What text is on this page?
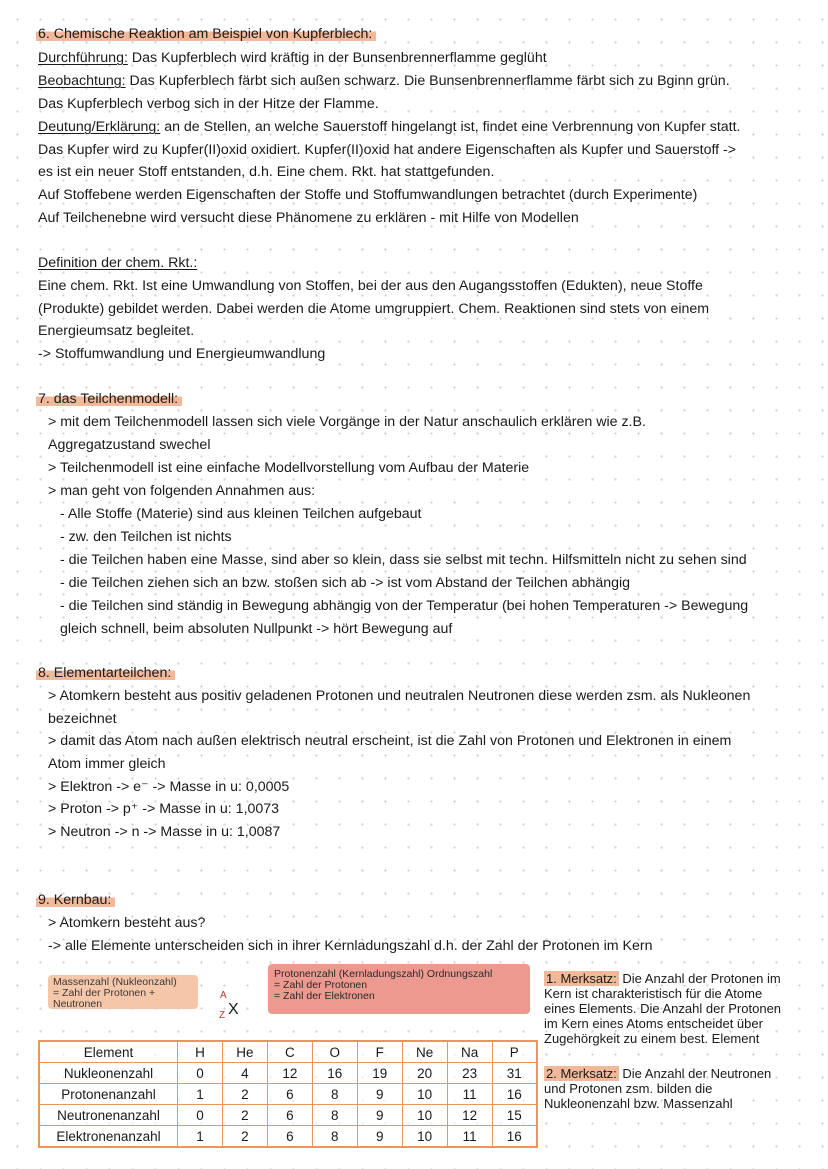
6. Chemische Reaktion am Beispiel von Kupferblech:
Durchführung: Das Kupferblech wird kräftig in der Bunsenbrennerflamme geglüht
Beobachtung: Das Kupferblech färbt sich außen schwarz. Die Bunsenbrennerflamme färbt sich zu Bginn grün.
Das Kupferblech verbog sich in der Hitze der Flamme.
Deutung/Erklärung: an de Stellen, an welche Sauerstoff hingelangt ist, findet eine Verbrennung von Kupfer statt.
Das Kupfer wird zu Kupfer(II)oxid oxidiert. Kupfer(II)oxid hat andere Eigenschaften als Kupfer und Sauerstoff ->
es ist ein neuer Stoff entstanden, d.h. Eine chem. Rkt. hat stattgefunden.
Auf Stoffebene werden Eigenschaften der Stoffe und Stoffumwandlungen betrachtet (durch Experimente)
Auf Teilchenebne wird versucht diese Phänomene zu erklären - mit Hilfe von Modellen
Definition der chem. Rkt.:
Eine chem. Rkt. Ist eine Umwandlung von Stoffen, bei der aus den Augangsstoffen (Edukten), neue Stoffe
(Produkte) gebildet werden. Dabei werden die Atome umgruppiert. Chem. Reaktionen sind stets von einem
Energieumsatz begleitet.
-> Stoffumwandlung und Energieumwandlung
7. das Teilchenmodell:
> mit dem Teilchenmodell lassen sich viele Vorgänge in der Natur anschaulich erklären wie z.B.
Aggregatzustand swechel
> Teilchenmodell ist eine einfache Modellvorstellung vom Aufbau der Materie
> man geht von folgenden Annahmen aus:
- Alle Stoffe (Materie) sind aus kleinen Teilchen aufgebaut
- zw. den Teilchen ist nichts
- die Teilchen haben eine Masse, sind aber so klein, dass sie selbst mit techn. Hilfsmitteln nicht zu sehen sind
- die Teilchen ziehen sich an bzw. stoßen sich ab -> ist vom Abstand der Teilchen abhängig
- die Teilchen sind ständig in Bewegung abhängig von der Temperatur (bei hohen Temperaturen -> Bewegung
gleich schnell, beim absoluten Nullpunkt -> hört Bewegung auf
8. Elementarteilchen:
> Atomkern besteht aus positiv geladenen Protonen und neutralen Neutronen diese werden zsm. als Nukleonen
bezeichnet
> damit das Atom nach außen elektrisch neutral erscheint, ist die Zahl von Protonen und Elektronen in einem
Atom immer gleich
> Elektron -> e⁻ -> Masse in u: 0,0005
> Proton -> p⁺ -> Masse in u: 1,0073
> Neutron -> n -> Masse in u: 1,0087
9. Kernbau:
> Atomkern besteht aus?
-> alle Elemente unterscheiden sich in ihrer Kernladungszahl d.h. der Zahl der Protonen im Kern
Massenzahl (Nukleonzahl)
= Zahl der Protonen +
Neutronen
Protonenzahl (Kernladungszahl) Ordnungszahl
= Zahl der Protonen
= Zahl der Elektronen
A
Z X
1. Merksatz: Die Anzahl der Protonen im
Kern ist charakteristisch für die Atome
eines Elements. Die Anzahl der Protonen
im Kern eines Atoms entscheidet über
Zugehörgkeit zu einem best. Element
2. Merksatz: Die Anzahl der Neutronen
und Protonen zsm. bilden die
Nukleonenzahl bzw. Massenzahl
Element	H	He	C	O	F	Ne	Na	P
Nukleonenzahl	0	4	12	16	19	20	23	31
Protonenanzahl	1	2	6	8	9	10	11	16
Neutronenanzahl	0	2	6	8	9	10	12	15
Elektronenanzahl	1	2	6	8	9	10	11	16
